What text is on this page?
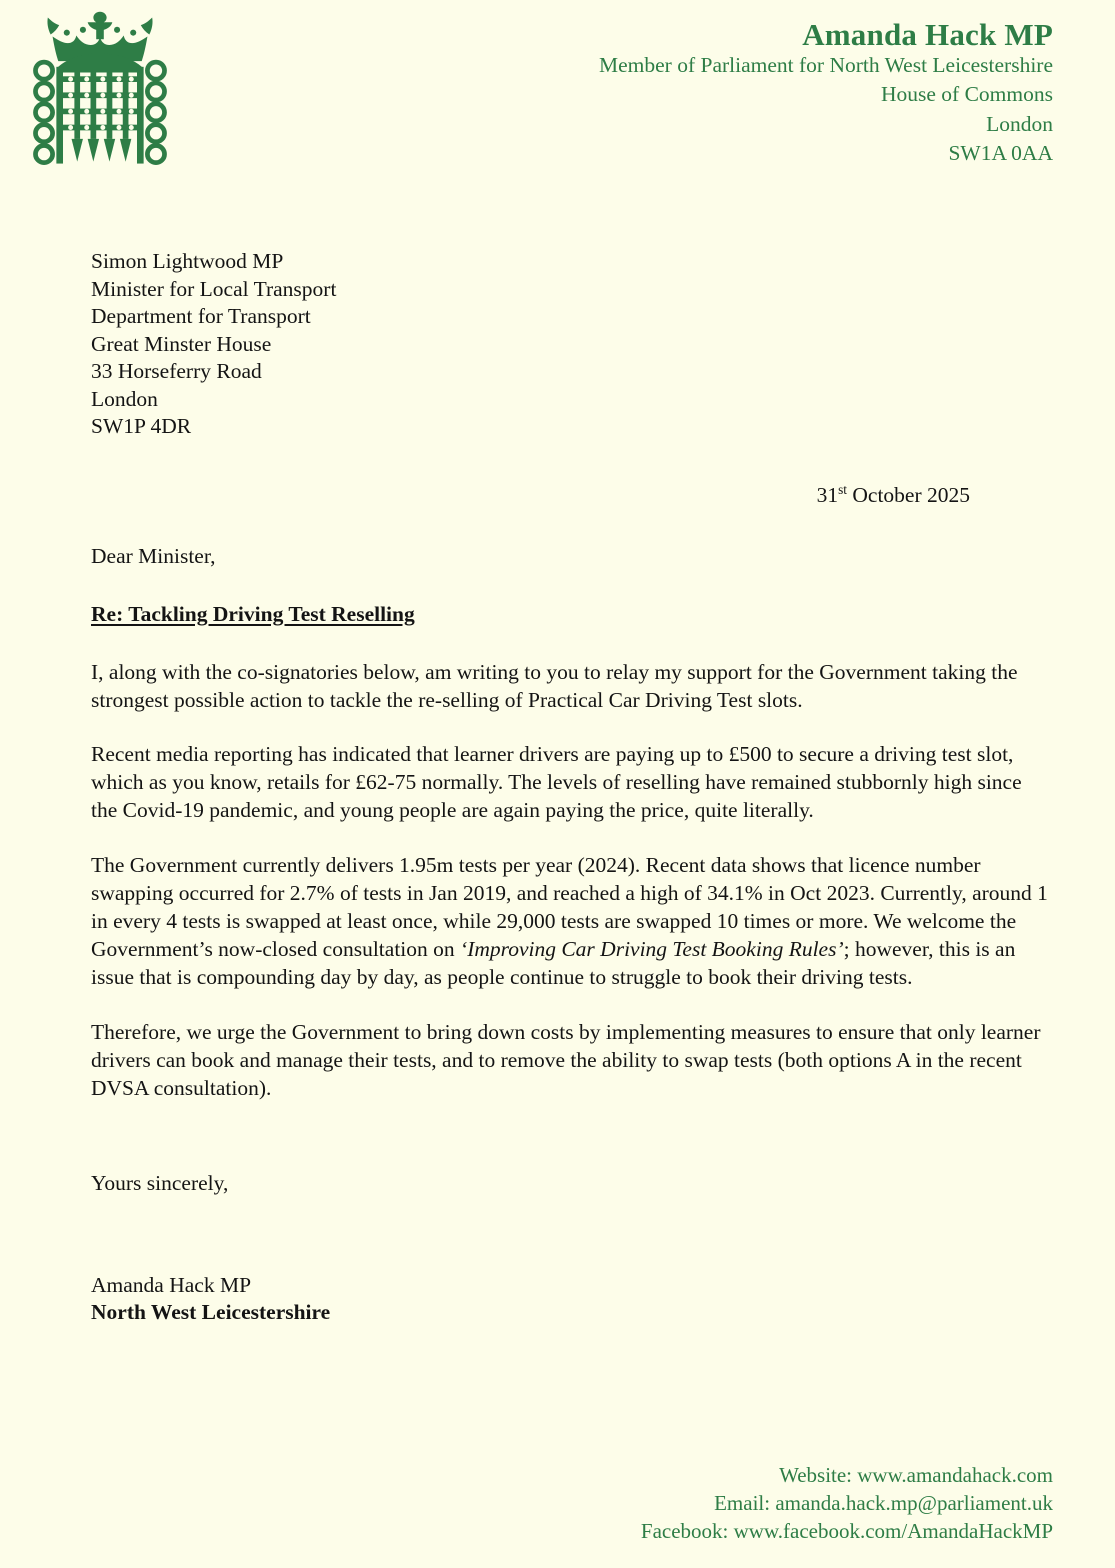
Amanda Hack MP
Member of Parliament for North West Leicestershire
House of Commons
London
SW1A 0AA
Simon Lightwood MP
Minister for Local Transport
Department for Transport
Great Minster House
33 Horseferry Road
London
SW1P 4DR
31st October 2025
Dear Minister,
Re: Tackling Driving Test Reselling
I, along with the co-signatories below, am writing to you to relay my support for the Government taking the strongest possible action to tackle the re-selling of Practical Car Driving Test slots.
Recent media reporting has indicated that learner drivers are paying up to £500 to secure a driving test slot, which as you know, retails for £62-75 normally. The levels of reselling have remained stubbornly high since the Covid-19 pandemic, and young people are again paying the price, quite literally.
The Government currently delivers 1.95m tests per year (2024). Recent data shows that licence number swapping occurred for 2.7% of tests in Jan 2019, and reached a high of 34.1% in Oct 2023. Currently, around 1 in every 4 tests is swapped at least once, while 29,000 tests are swapped 10 times or more. We welcome the Government’s now-closed consultation on ‘Improving Car Driving Test Booking Rules’; however, this is an issue that is compounding day by day, as people continue to struggle to book their driving tests.
Therefore, we urge the Government to bring down costs by implementing measures to ensure that only learner drivers can book and manage their tests, and to remove the ability to swap tests (both options A in the recent DVSA consultation).
Yours sincerely,
Amanda Hack MP
North West Leicestershire
Website: www.amandahack.com
Email: amanda.hack.mp@parliament.uk
Facebook: www.facebook.com/AmandaHackMP
